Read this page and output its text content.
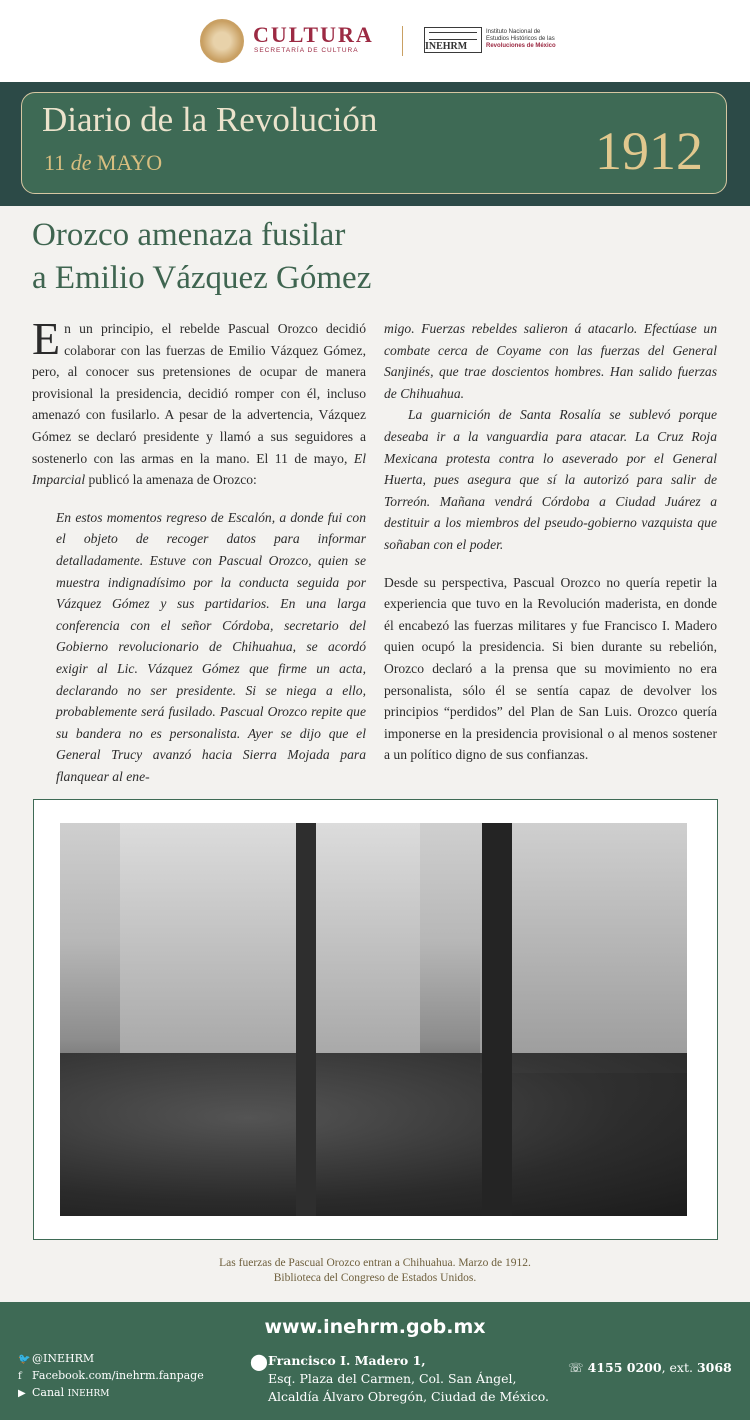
CULTURA
SECRETARÍA DE CULTURA	INEHRM
Instituto Nacional de
Estudios Históricos de las
Revoluciones de México
Diario de la Revolución
11 de MAYO	1912
Orozco amenaza fusilar
a Emilio Vázquez Gómez

En un principio, el rebelde Pascual Orozco decidió colaborar con las fuerzas de Emilio Vázquez Gómez, pero, al conocer sus pretensiones de ocupar de manera provisional la presidencia, decidió romper con él, incluso amenazó con fusilarlo. A pesar de la advertencia, Vázquez Gómez se declaró presidente y llamó a sus seguidores a sostenerlo con las armas en la mano. El 11 de mayo, El Imparcial publicó la amenaza de Orozco:

En estos momentos regreso de Escalón, a donde fui con el objeto de recoger datos para informar detalladamente. Estuve con Pascual Orozco, quien se muestra indignadísimo por la conducta seguida por Vázquez Gómez y sus partidarios. En una larga conferencia con el señor Córdoba, secretario del Gobierno revolucionario de Chihuahua, se acordó exigir al Lic. Vázquez Gómez que firme un acta, declarando no ser presidente. Si se niega a ello, probablemente será fusilado. Pascual Orozco repite que su bandera no es personalista. Ayer se dijo que el General Trucy avanzó hacia Sierra Mojada para flanquear al ene-

migo. Fuerzas rebeldes salieron á atacarlo. Efectúase un combate cerca de Coyame con las fuerzas del General Sanjinés, que trae doscientos hombres. Han salido fuerzas de Chihuahua.

La guarnición de Santa Rosalía se sublevó porque deseaba ir a la vanguardia para atacar. La Cruz Roja Mexicana protesta contra lo aseverado por el General Huerta, pues asegura que sí la autorizó para salir de Torreón. Mañana vendrá Córdoba a Ciudad Juárez a destituir a los miembros del pseudo-gobierno vazquista que soñaban con el poder.

Desde su perspectiva, Pascual Orozco no quería repetir la experiencia que tuvo en la Revolución maderista, en donde él encabezó las fuerzas militares y fue Francisco I. Madero quien ocupó la presidencia. Si bien durante su rebelión, Orozco declaró a la prensa que su movimiento no era personalista, sólo él se sentía capaz de devolver los principios “perdidos” del Plan de San Luis. Orozco quería imponerse en la presidencia provisional o al menos sostener a un político digno de sus confianzas.

Las fuerzas de Pascual Orozco entran a Chihuahua. Marzo de 1912.
Biblioteca del Congreso de Estados Unidos.
www.inehrm.gob.mx
🐦 @INEHRM
f Facebook.com/inehrm.fanpage
▶ Canal INEHRM
⬤ Francisco I. Madero 1,
Esq. Plaza del Carmen, Col. San Ángel,
Alcaldía Álvaro Obregón, Ciudad de México.
☏ 4155 0200, ext. 3068
